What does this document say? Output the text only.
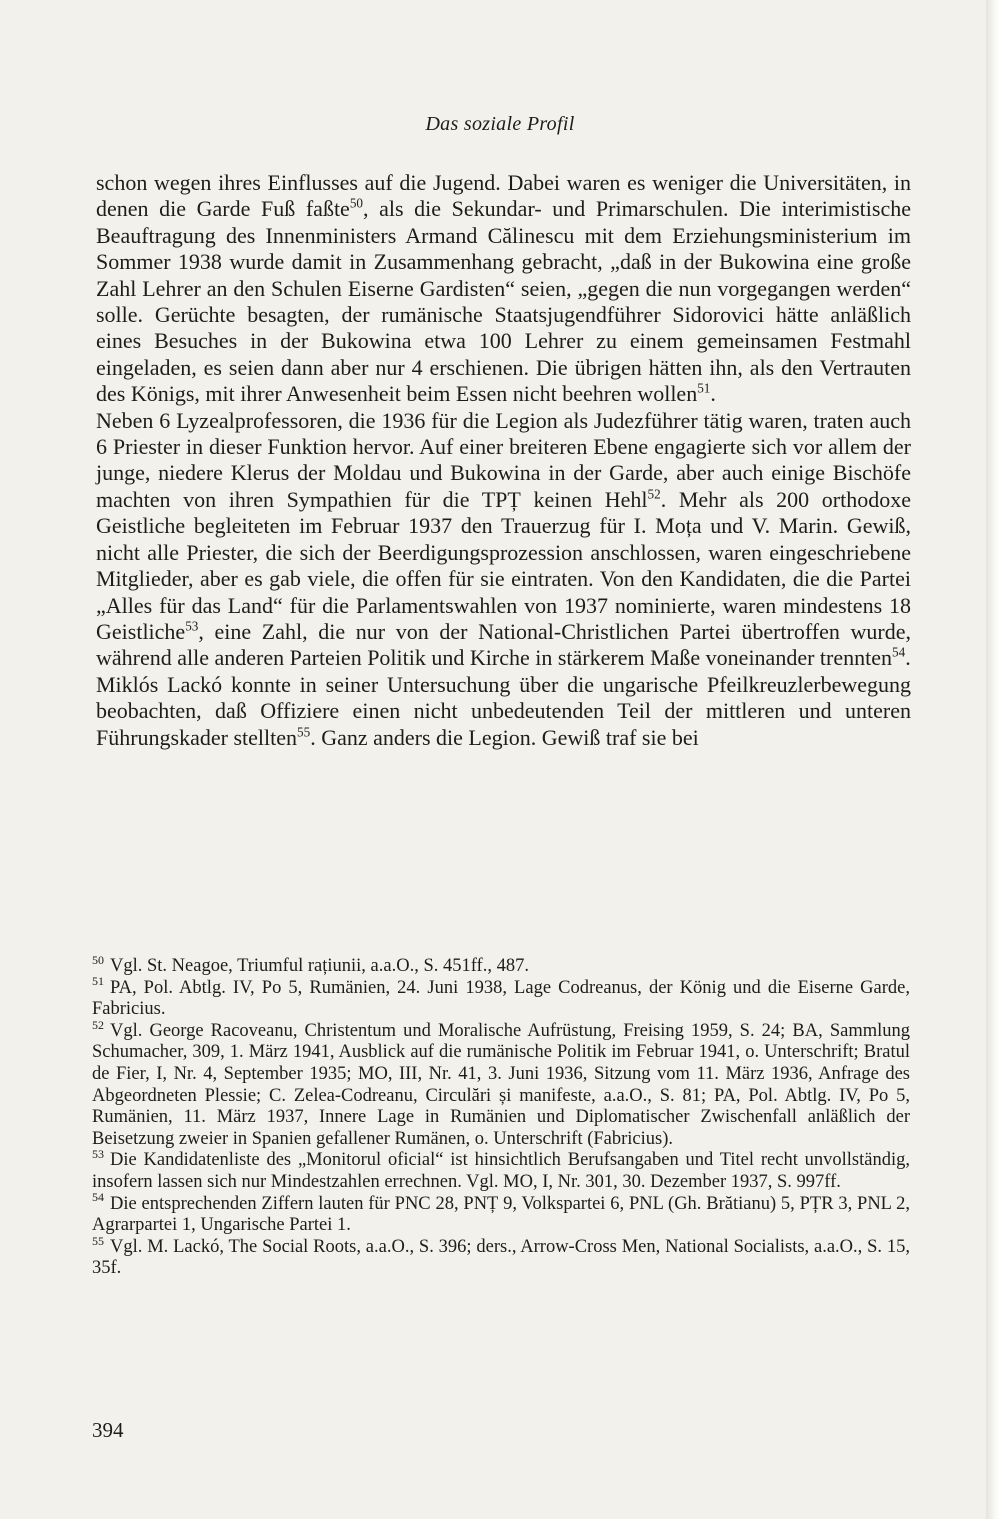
Das soziale Profil

schon wegen ihres Einflusses auf die Jugend. Dabei waren es weniger die Universitäten, in denen die Garde Fuß faßte$^{50}$, als die Sekundar- und Primarschulen. Die interimistische Beauftragung des Innenministers Armand Călinescu mit dem Erziehungsministerium im Sommer 1938 wurde damit in Zusammenhang gebracht, „daß in der Bukowina eine große Zahl Lehrer an den Schulen Eiserne Gardisten“ seien, „gegen die nun vorgegangen werden“ solle. Gerüchte besagten, der rumänische Staatsjugendführer Sidorovici hätte anläßlich eines Besuches in der Bukowina etwa 100 Lehrer zu einem gemeinsamen Festmahl eingeladen, es seien dann aber nur 4 erschienen. Die übrigen hätten ihn, als den Vertrauten des Königs, mit ihrer Anwesenheit beim Essen nicht beehren wollen$^{51}$.

Neben 6 Lyzealprofessoren, die 1936 für die Legion als Judezführer tätig waren, traten auch 6 Priester in dieser Funktion hervor. Auf einer breiteren Ebene engagierte sich vor allem der junge, niedere Klerus der Moldau und Bukowina in der Garde, aber auch einige Bischöfe machten von ihren Sympathien für die TPȚ keinen Hehl$^{52}$. Mehr als 200 orthodoxe Geistliche begleiteten im Februar 1937 den Trauerzug für I. Moța und V. Marin. Gewiß, nicht alle Priester, die sich der Beerdigungsprozession anschlossen, waren eingeschriebene Mitglieder, aber es gab viele, die offen für sie eintraten. Von den Kandidaten, die die Partei „Alles für das Land“ für die Parlamentswahlen von 1937 nominierte, waren mindestens 18 Geistliche$^{53}$, eine Zahl, die nur von der National-Christlichen Partei übertroffen wurde, während alle anderen Parteien Politik und Kirche in stärkerem Maße voneinander trennten$^{54}$.

Miklós Lackó konnte in seiner Untersuchung über die ungarische Pfeilkreuzlerbewegung beobachten, daß Offiziere einen nicht unbedeutenden Teil der mittleren und unteren Führungskader stellten$^{55}$. Ganz anders die Legion. Gewiß traf sie bei

$^{50}$ Vgl. St. Neagoe, Triumful rațiunii, a.a.O., S. 451ff., 487.
$^{51}$ PA, Pol. Abtlg. IV, Po 5, Rumänien, 24. Juni 1938, Lage Codreanus, der König und die Eiserne Garde, Fabricius.
$^{52}$ Vgl. George Racoveanu, Christentum und Moralische Aufrüstung, Freising 1959, S. 24; BA, Sammlung Schumacher, 309, 1. März 1941, Ausblick auf die rumänische Politik im Februar 1941, o. Unterschrift; Bratul de Fier, I, Nr. 4, September 1935; MO, III, Nr. 41, 3. Juni 1936, Sitzung vom 11. März 1936, Anfrage des Abgeordneten Plessie; C. Zelea-Codreanu, Circulări și manifeste, a.a.O., S. 81; PA, Pol. Abtlg. IV, Po 5, Rumänien, 11. März 1937, Innere Lage in Rumänien und Diplomatischer Zwischenfall anläßlich der Beisetzung zweier in Spanien gefallener Rumänen, o. Unterschrift (Fabricius).
$^{53}$ Die Kandidatenliste des „Monitorul oficial“ ist hinsichtlich Berufsangaben und Titel recht unvollständig, insofern lassen sich nur Mindestzahlen errechnen. Vgl. MO, I, Nr. 301, 30. Dezember 1937, S. 997ff.
$^{54}$ Die entsprechenden Ziffern lauten für PNC 28, PNȚ 9, Volkspartei 6, PNL (Gh. Brătianu) 5, PȚR 3, PNL 2, Agrarpartei 1, Ungarische Partei 1.
$^{55}$ Vgl. M. Lackó, The Social Roots, a.a.O., S. 396; ders., Arrow-Cross Men, National Socialists, a.a.O., S. 15, 35f.
394
